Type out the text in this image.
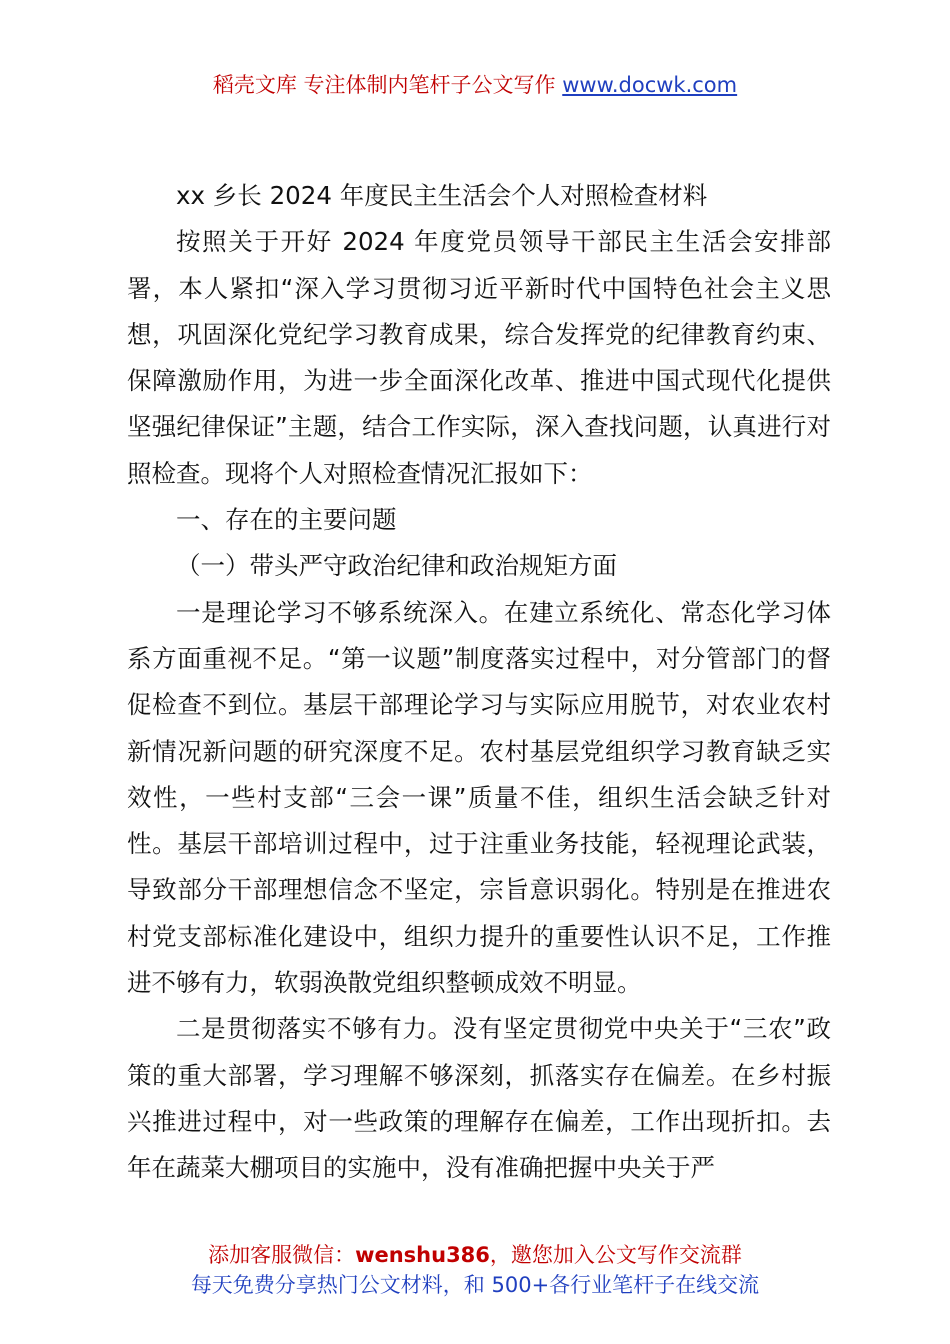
稻壳文库 专注体制内笔杆子公文写作 www.docwk.com

xx 乡长 2024 年度民主生活会个人对照检查材料

按照关于开好 2024 年度党员领导干部民主生活会安排部署，本人紧扣“深入学习贯彻习近平新时代中国特色社会主义思想，巩固深化党纪学习教育成果，综合发挥党的纪律教育约束、保障激励作用，为进一步全面深化改革、推进中国式现代化提供坚强纪律保证”主题，结合工作实际，深入查找问题，认真进行对照检查。现将个人对照检查情况汇报如下：

一、存在的主要问题

（一）带头严守政治纪律和政治规矩方面

一是理论学习不够系统深入。在建立系统化、常态化学习体系方面重视不足。“第一议题”制度落实过程中，对分管部门的督促检查不到位。基层干部理论学习与实际应用脱节，对农业农村新情况新问题的研究深度不足。农村基层党组织学习教育缺乏实效性，一些村支部“三会一课”质量不佳，组织生活会缺乏针对性。基层干部培训过程中，过于注重业务技能，轻视理论武装，导致部分干部理想信念不坚定，宗旨意识弱化。特别是在推进农村党支部标准化建设中，组织力提升的重要性认识不足，工作推进不够有力，软弱涣散党组织整顿成效不明显。

二是贯彻落实不够有力。没有坚定贯彻党中央关于“三农”政策的重大部署，学习理解不够深刻，抓落实存在偏差。在乡村振兴推进过程中，对一些政策的理解存在偏差，工作出现折扣。去年在蔬菜大棚项目的实施中，没有准确把握中央关于严

添加客服微信：wenshu386，邀您加入公文写作交流群
每天免费分享热门公文材料，和 500+各行业笔杆子在线交流
